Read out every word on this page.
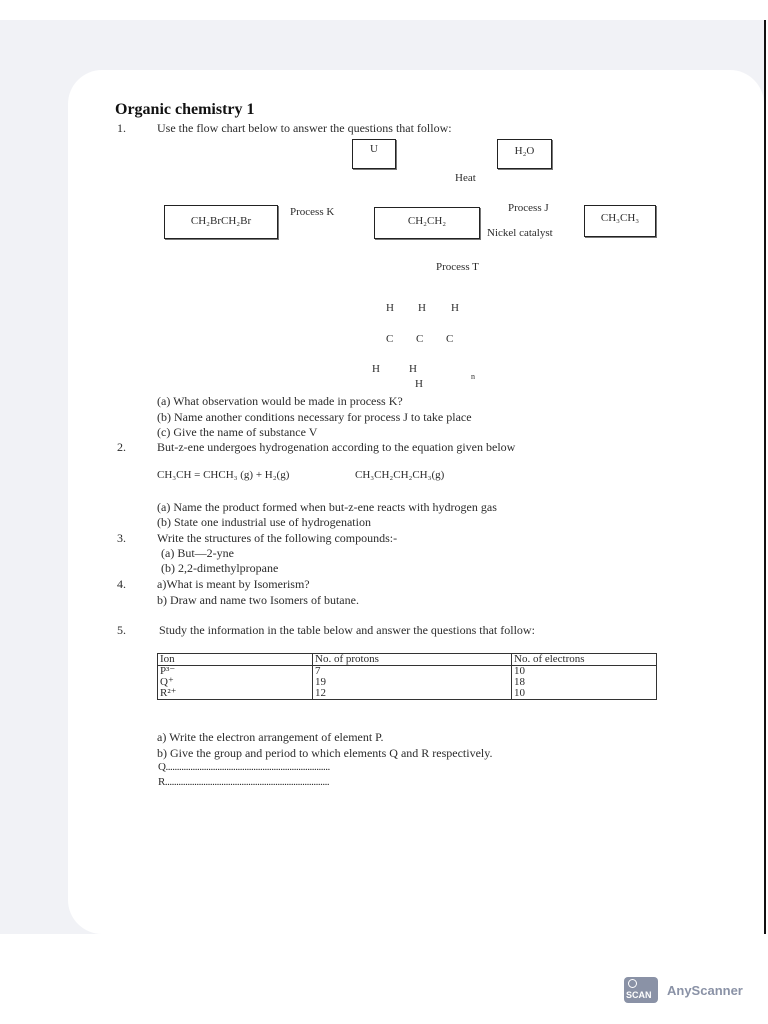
Organic chemistry 1
1.	Use the flow chart below to answer the questions that follow:
U	H₂O
Heat
CH₂BrCH₂Br
Process K
CH₂CH₂
Process J
Nickel catalyst
CH₃CH₃
Process T
H H H
C C C
H	H
H
n
(a) What observation would be made in process K?
(b) Name another conditions necessary for process J to take place
(c) Give the name of substance V
2.	But-z-ene undergoes hydrogenation according to the equation given below
CH₃CH = CHCH₃ (g) + H₂(g)	CH₃CH₂CH₂CH₃(g)
(a) Name the product formed when but-z-ene reacts with hydrogen gas
(b) State one industrial use of hydrogenation
3.	Write the structures of the following compounds:-
(a) But—2-yne
(b) 2,2-dimethylpropane
4.	a)What is meant by Isomerism?
b) Draw and name two Isomers of butane.
5.	Study the information in the table below and answer the questions that follow:
Ion	No. of protons	No. of electrons
P³⁻	7	10
Q⁺	19	18
R²⁺	12	10
a) Write the electron arrangement of element P.
b) Give the group and period to which elements Q and R respectively.
Q.........................................................................
R.........................................................................
SCAN AnyScanner
